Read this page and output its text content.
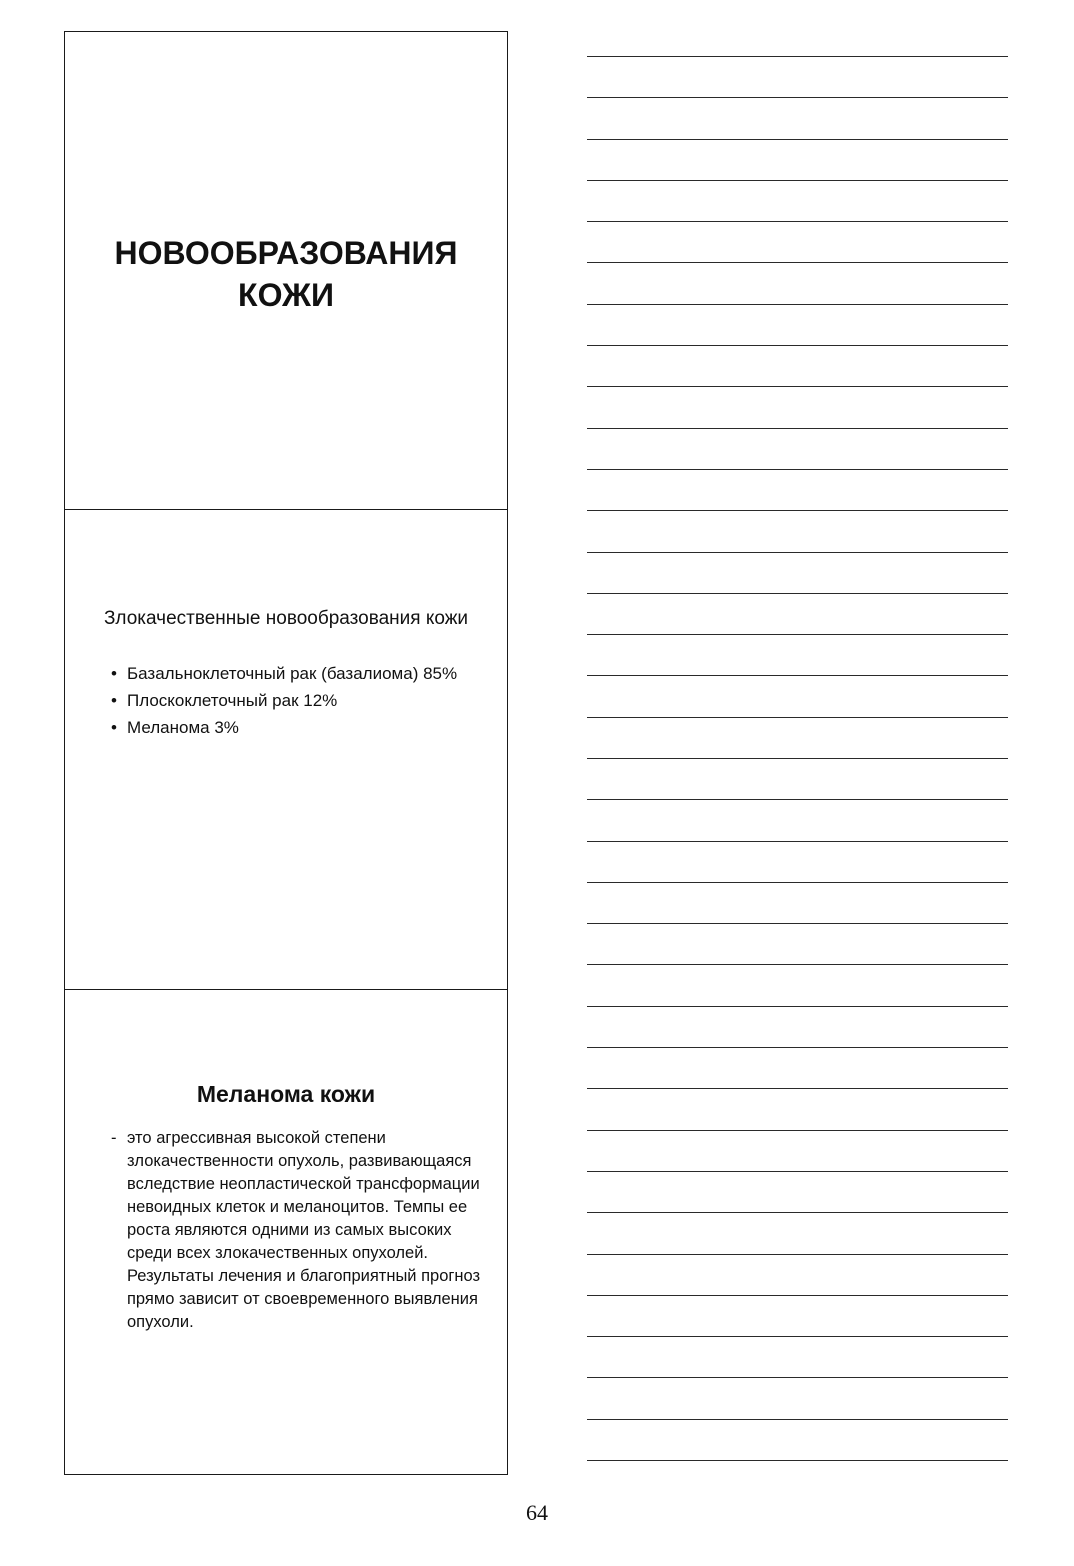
НОВООБРАЗОВАНИЯ
КОЖИ
Злокачественные новообразования кожи
• Базальноклеточный рак (базалиома) 85%
• Плоскоклеточный рак 12%
• Меланома 3%
Меланома кожи
- это агрессивная высокой степени злокачественности опухоль, развивающаяся вследствие неопластической трансформации невоидных клеток и меланоцитов. Темпы ее роста являются одними из самых высоких среди всех злокачественных опухолей. Результаты лечения и благоприятный прогноз прямо зависит от своевременного выявления опухоли.
64
